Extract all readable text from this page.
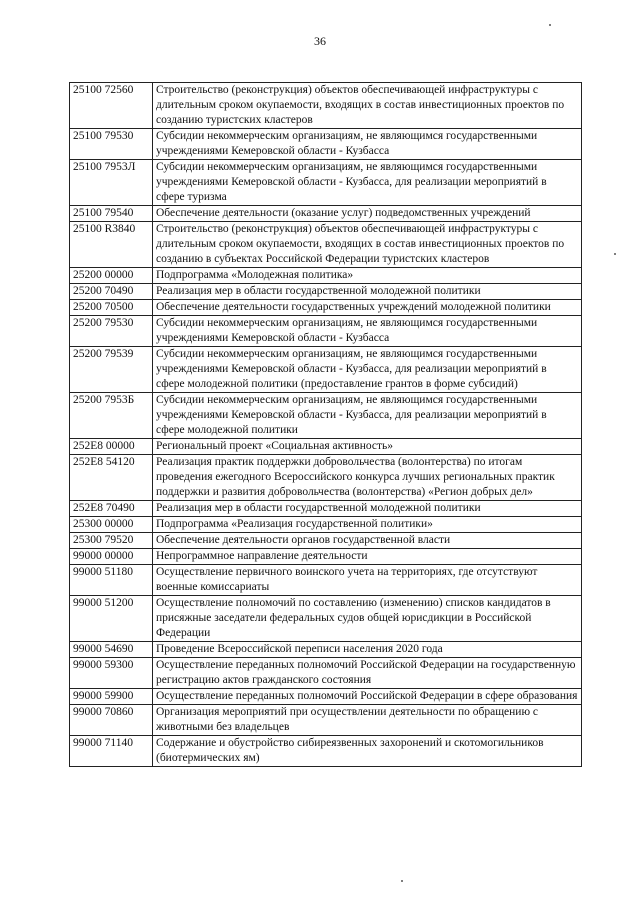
36
25100 72560	Строительство (реконструкция) объектов обеспечивающей инфраструктуры с длительным сроком окупаемости, входящих в состав инвестиционных проектов по созданию туристских кластеров
25100 79530	Субсидии некоммерческим организациям, не являющимся государственными учреждениями Кемеровской области - Кузбасса
25100 7953Л	Субсидии некоммерческим организациям, не являющимся государственными учреждениями Кемеровской области - Кузбасса, для реализации мероприятий в сфере туризма
25100 79540	Обеспечение деятельности (оказание услуг) подведомственных учреждений
25100 R3840	Строительство (реконструкция) объектов обеспечивающей инфраструктуры с длительным сроком окупаемости, входящих в состав инвестиционных проектов по созданию в субъектах Российской Федерации туристских кластеров
25200 00000	Подпрограмма «Молодежная политика»
25200 70490	Реализация мер в области государственной молодежной политики
25200 70500	Обеспечение деятельности государственных учреждений молодежной политики
25200 79530	Субсидии некоммерческим организациям, не являющимся государственными учреждениями Кемеровской области - Кузбасса
25200 79539	Субсидии некоммерческим организациям, не являющимся государственными учреждениями Кемеровской области - Кузбасса, для реализации мероприятий в сфере молодежной политики (предоставление грантов в форме субсидий)
25200 7953Б	Субсидии некоммерческим организациям, не являющимся государственными учреждениями Кемеровской области - Кузбасса, для реализации мероприятий в сфере молодежной политики
252E8 00000	Региональный проект «Социальная активность»
252E8 54120	Реализация практик поддержки добровольчества (волонтерства) по итогам проведения ежегодного Всероссийского конкурса лучших региональных практик поддержки и развития добровольчества (волонтерства) «Регион добрых дел»
252E8 70490	Реализация мер в области государственной молодежной политики
25300 00000	Подпрограмма «Реализация государственной политики»
25300 79520	Обеспечение деятельности органов государственной власти
99000 00000	Непрограммное направление деятельности
99000 51180	Осуществление первичного воинского учета на территориях, где отсутствуют военные комиссариаты
99000 51200	Осуществление полномочий по составлению (изменению) списков кандидатов в присяжные заседатели федеральных судов общей юрисдикции в Российской Федерации
99000 54690	Проведение Всероссийской переписи населения 2020 года
99000 59300	Осуществление переданных полномочий Российской Федерации на государственную регистрацию актов гражданского состояния
99000 59900	Осуществление переданных полномочий Российской Федерации в сфере образования
99000 70860	Организация мероприятий при осуществлении деятельности по обращению с животными без владельцев
99000 71140	Содержание и обустройство сибиреязвенных захоронений и скотомогильников (биотермических ям)
